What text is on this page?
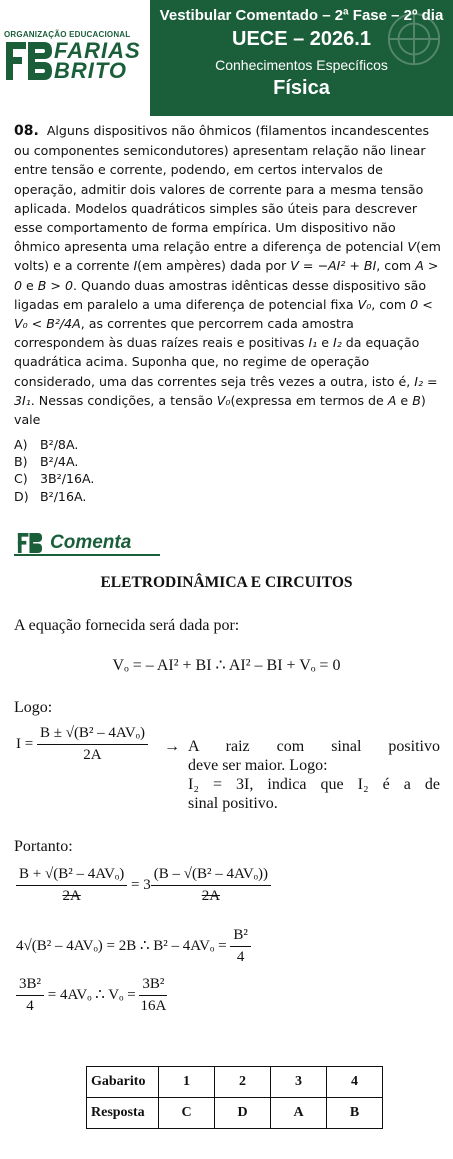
ORGANIZAÇÃO EDUCACIONAL
FARIAS
BRITO
Vestibular Comentado – 2ª Fase – 2º dia
UECE – 2026.1
Conhecimentos Específicos
Física
08. Alguns dispositivos não ôhmicos (filamentos incandescentes ou componentes semicondutores) apresentam relação não linear entre tensão e corrente, podendo, em certos intervalos de operação, admitir dois valores de corrente para a mesma tensão aplicada. Modelos quadráticos simples são úteis para descrever esse comportamento de forma empírica. Um dispositivo não ôhmico apresenta uma relação entre a diferença de potencial V(em volts) e a corrente I(em ampères) dada por V = −AI² + BI, com A > 0 e B > 0. Quando duas amostras idênticas desse dispositivo são ligadas em paralelo a uma diferença de potencial fixa V₀, com 0 < V₀ < B²/4A, as correntes que percorrem cada amostra correspondem às duas raízes reais e positivas I₁ e I₂ da equação quadrática acima. Suponha que, no regime de operação considerado, uma das correntes seja três vezes a outra, isto é, I₂ = 3I₁. Nessas condições, a tensão V₀(expressa em termos de A e B) vale
A) B²/8A.
B) B²/4A.
C) 3B²/16A.
D) B²/16A.
Comenta
ELETRODINÂMICA E CIRCUITOS
A equação fornecida será dada por:
Vₒ = – AI² + BI ∴ AI² – BI + Vₒ = 0
Logo:
$I = \frac{\text{B ± √(B² – 4AVₒ)}}{2A} \to A$ raiz com sinal positivo
deve ser maior. Logo:
I₂ = 3I, indica que I₂ é a de
sinal positivo.
Portanto:
$\frac{\text{B + √(B² – 4AVₒ)}}{2A} = 3 \frac{\text{(B – √(B² – 4AVₒ))}}{2A}$
4√(B² – 4AVₒ) = 2B ∴ $B^2 - 4AV_o = \frac{\text{B²}}{4}$
$\frac{\text{3B²}}{4} = 4AV_o$ ∴ $V_o = \frac{\text{3B²}}{16A}$
Gabarito	1	2	3	4
Resposta	C	D	A	B
